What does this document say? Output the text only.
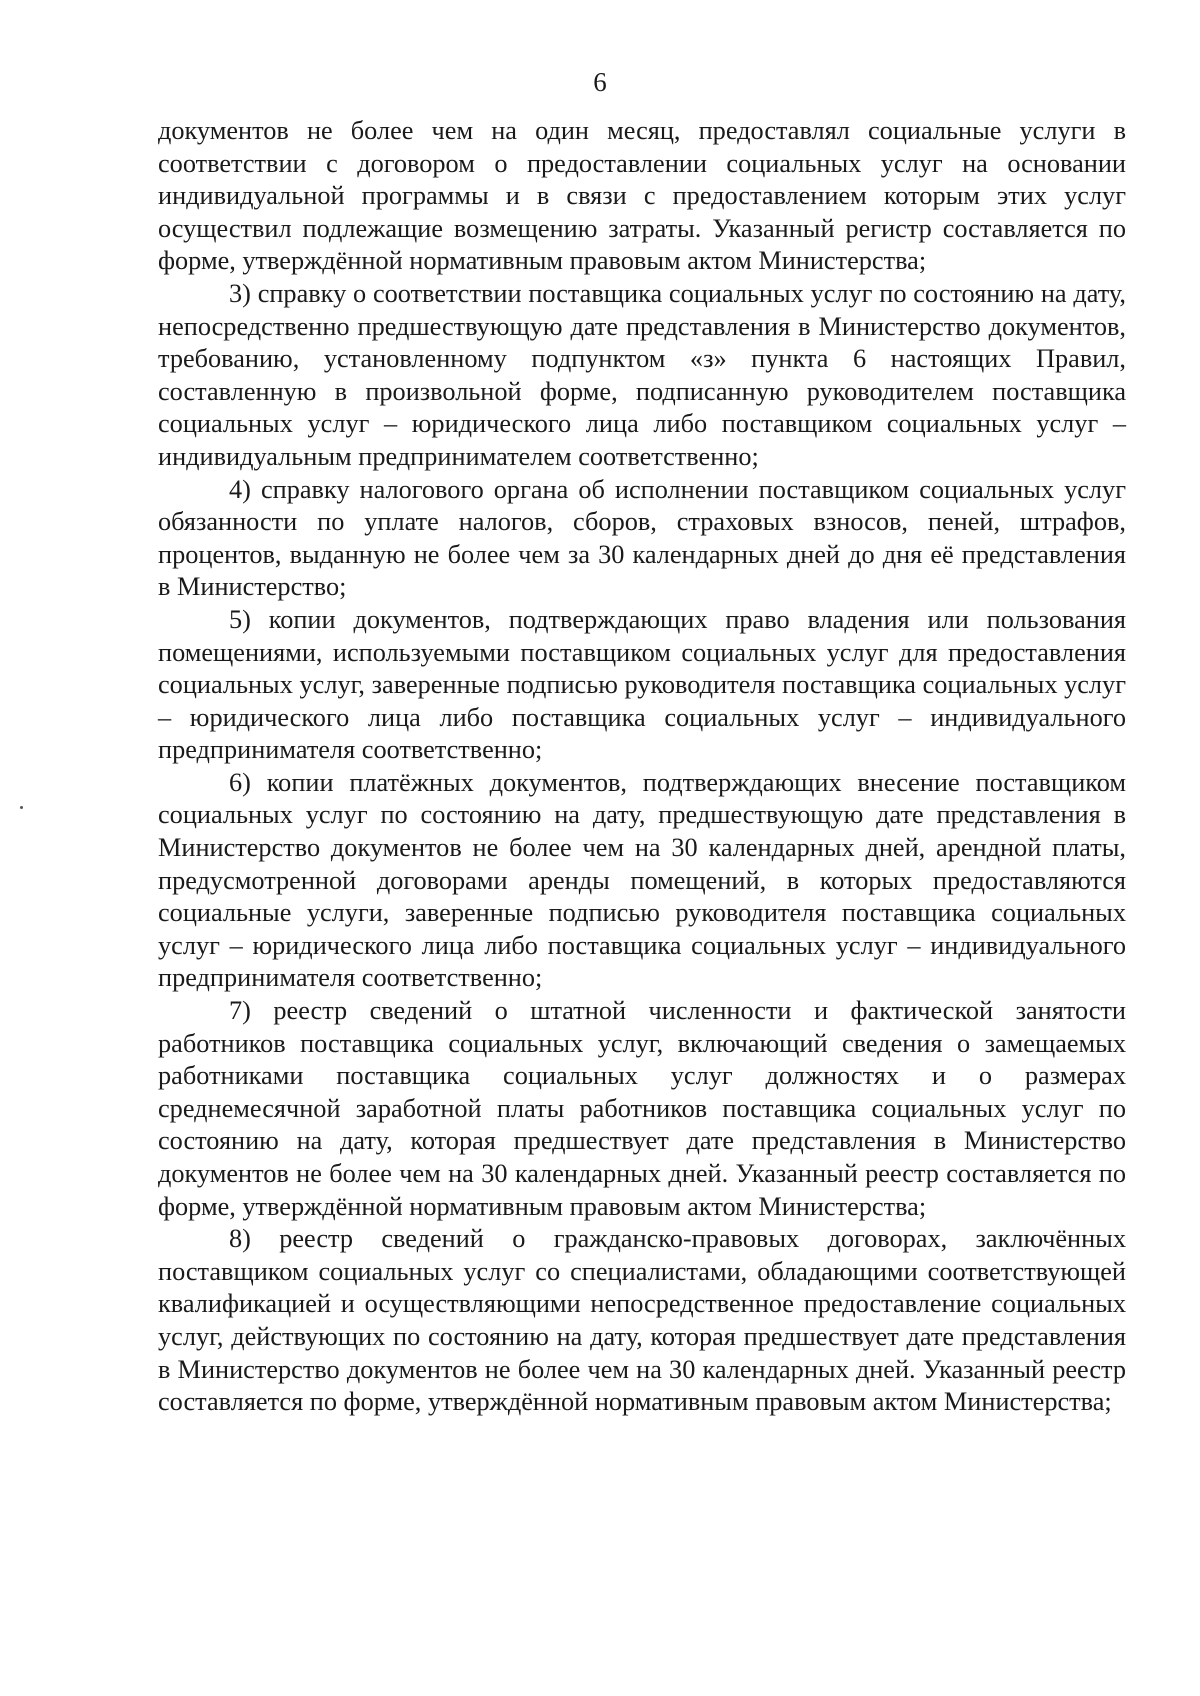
6

документов не более чем на один месяц, предоставлял социальные услуги в соответствии с договором о предоставлении социальных услуг на основании индивидуальной программы и в связи с предоставлением которым этих услуг осуществил подлежащие возмещению затраты. Указанный регистр составляется по форме, утверждённой нормативным правовым актом Министерства;

3) справку о соответствии поставщика социальных услуг по состоянию на дату, непосредственно предшествующую дате представления в Министерство документов, требованию, установленному подпунктом «з» пункта 6 настоящих Правил, составленную в произвольной форме, подписанную руководителем поставщика социальных услуг – юридического лица либо поставщиком социальных услуг – индивидуальным предпринимателем соответственно;

4) справку налогового органа об исполнении поставщиком социальных услуг обязанности по уплате налогов, сборов, страховых взносов, пеней, штрафов, процентов, выданную не более чем за 30 календарных дней до дня её представления в Министерство;

5) копии документов, подтверждающих право владения или пользования помещениями, используемыми поставщиком социальных услуг для предоставления социальных услуг, заверенные подписью руководителя поставщика социальных услуг – юридического лица либо поставщика социальных услуг – индивидуального предпринимателя соответственно;

6) копии платёжных документов, подтверждающих внесение поставщиком социальных услуг по состоянию на дату, предшествующую дате представления в Министерство документов не более чем на 30 календарных дней, арендной платы, предусмотренной договорами аренды помещений, в которых предоставляются социальные услуги, заверенные подписью руководителя поставщика социальных услуг – юридического лица либо поставщика социальных услуг – индивидуального предпринимателя соответственно;

7) реестр сведений о штатной численности и фактической занятости работников поставщика социальных услуг, включающий сведения о замещаемых работниками поставщика социальных услуг должностях и о размерах среднемесячной заработной платы работников поставщика социальных услуг по состоянию на дату, которая предшествует дате представления в Министерство документов не более чем на 30 календарных дней. Указанный реестр составляется по форме, утверждённой нормативным правовым актом Министерства;

8) реестр сведений о гражданско-правовых договорах, заключённых поставщиком социальных услуг со специалистами, обладающими соответствующей квалификацией и осуществляющими непосредственное предоставление социальных услуг, действующих по состоянию на дату, которая предшествует дате представления в Министерство документов не более чем на 30 календарных дней. Указанный реестр составляется по форме, утверждённой нормативным правовым актом Министерства;
